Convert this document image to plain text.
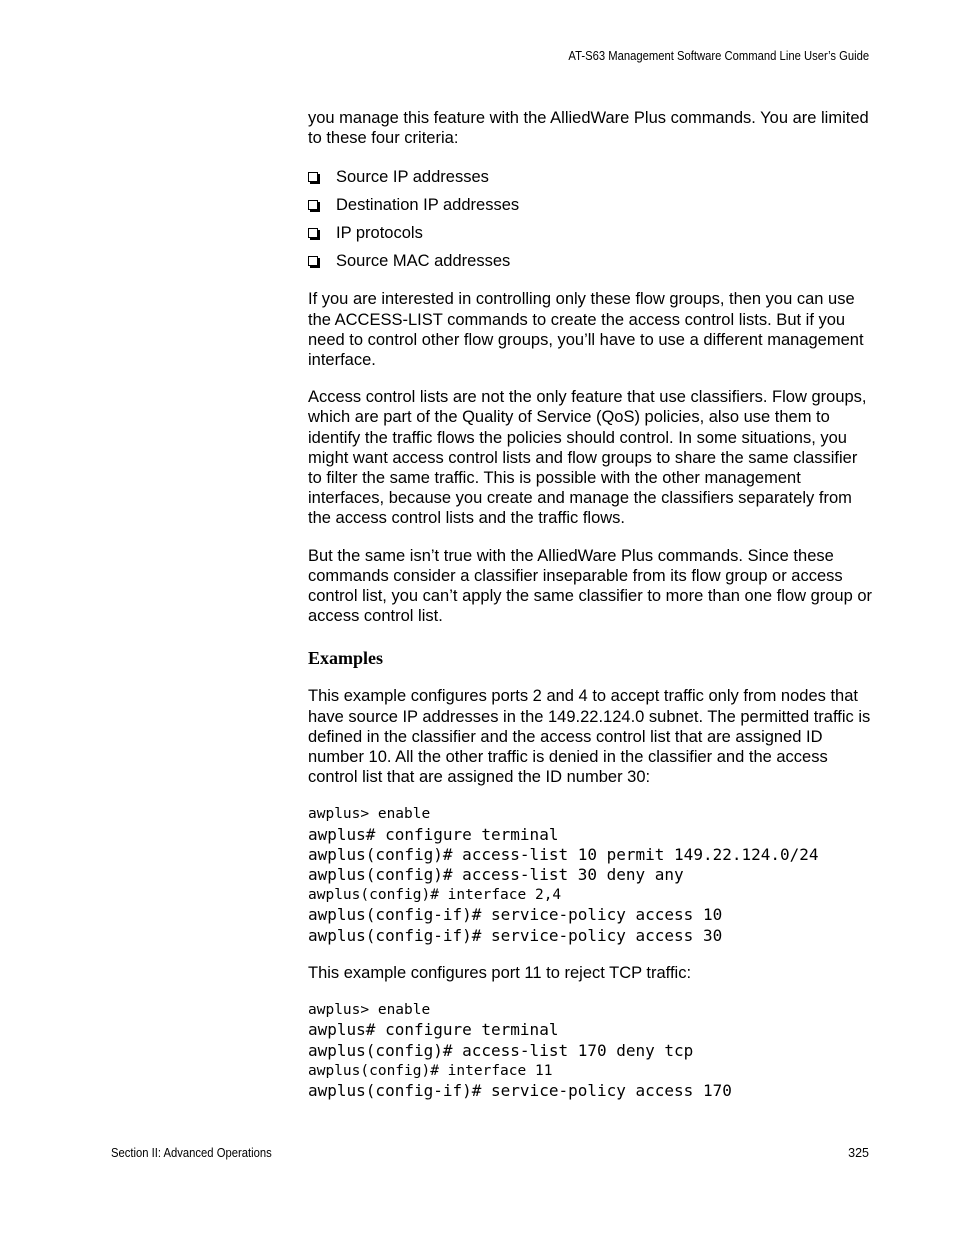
AT-S63 Management Software Command Line User’s Guide

you manage this feature with the AlliedWare Plus commands. You are limited to these four criteria:

Source IP addresses
Destination IP addresses
IP protocols
Source MAC addresses

If you are interested in controlling only these flow groups, then you can use the ACCESS-LIST commands to create the access control lists. But if you need to control other flow groups, you’ll have to use a different management interface.

Access control lists are not the only feature that use classifiers. Flow groups, which are part of the Quality of Service (QoS) policies, also use them to identify the traffic flows the policies should control. In some situations, you might want access control lists and flow groups to share the same classifier to filter the same traffic. This is possible with the other management interfaces, because you create and manage the classifiers separately from the access control lists and the traffic flows.

But the same isn’t true with the AlliedWare Plus commands. Since these commands consider a classifier inseparable from its flow group or access control list, you can’t apply the same classifier to more than one flow group or access control list.

Examples

This example configures ports 2 and 4 to accept traffic only from nodes that have source IP addresses in the 149.22.124.0 subnet. The permitted traffic is defined in the classifier and the access control list that are assigned ID number 10. All the other traffic is denied in the classifier and the access control list that are assigned the ID number 30:

awplus> enable
awplus# configure terminal
awplus(config)# access-list 10 permit 149.22.124.0/24
awplus(config)# access-list 30 deny any
awplus(config)# interface 2,4
awplus(config-if)# service-policy access 10
awplus(config-if)# service-policy access 30

This example configures port 11 to reject TCP traffic:

awplus> enable
awplus# configure terminal
awplus(config)# access-list 170 deny tcp
awplus(config)# interface 11
awplus(config-if)# service-policy access 170
Section II: Advanced Operations	325
